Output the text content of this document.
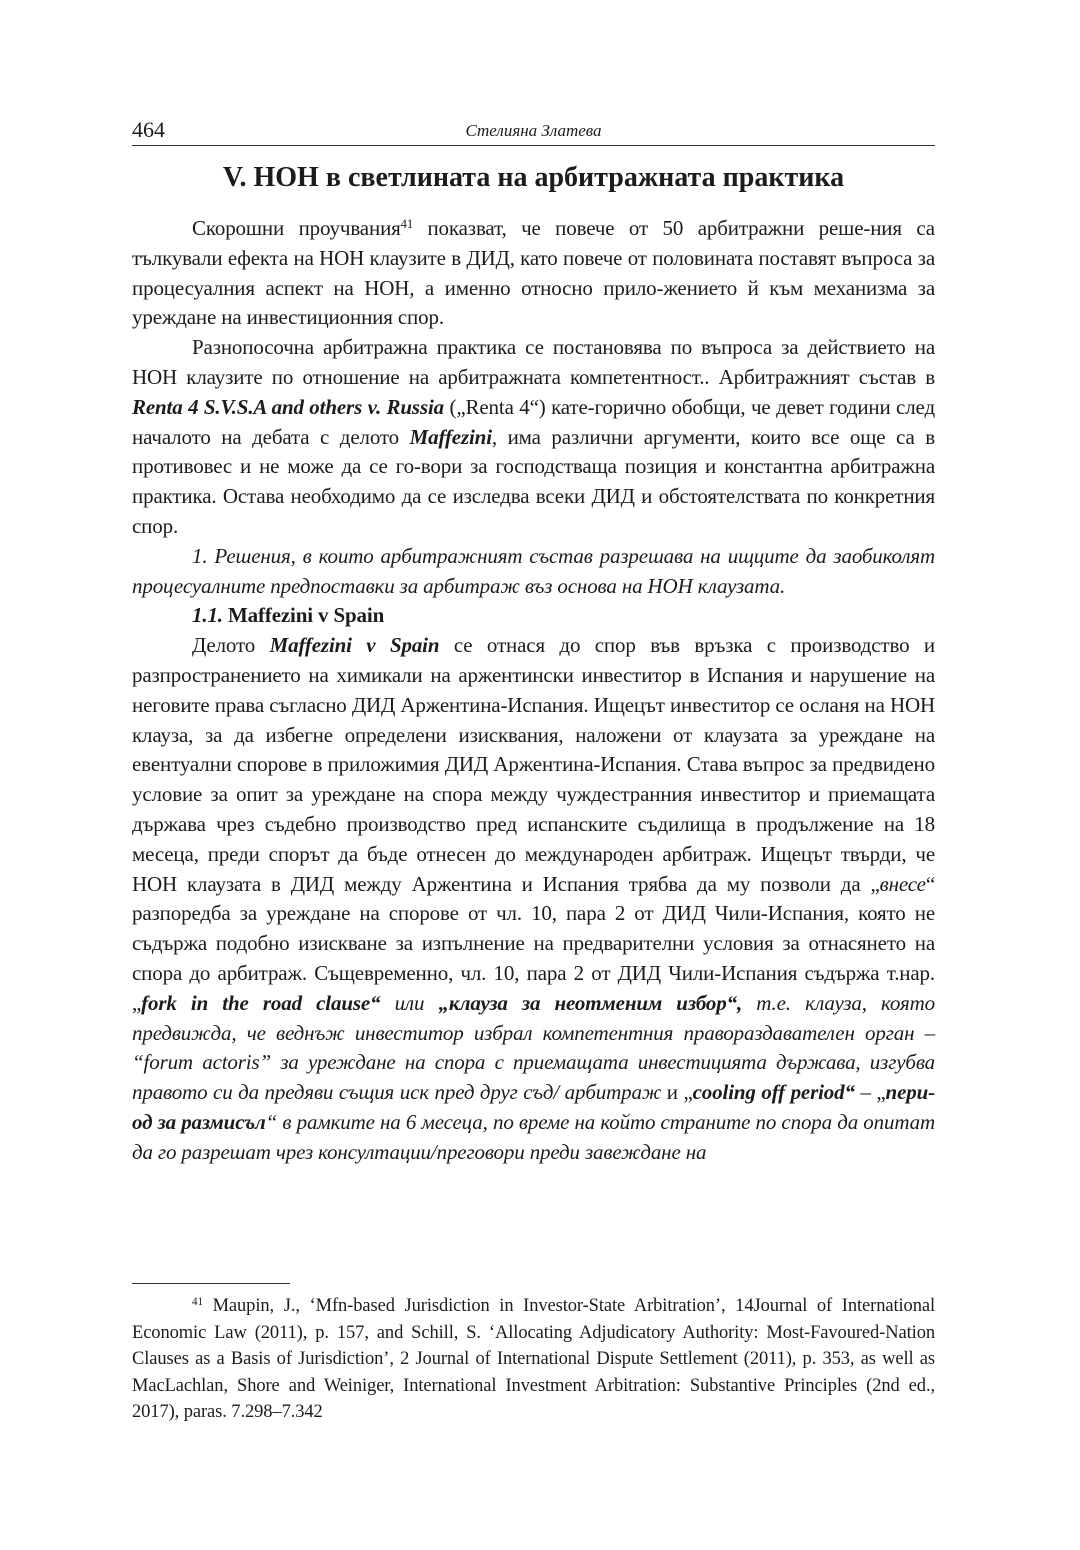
464	Стелияна Златева
V. НОН в светлината на арбитражната практика

Скорошни проучвания$^{41}$ показват, че повече от 50 арбитражни реше-ния са тълкували ефекта на НОН клаузите в ДИД, като повече от половината поставят въпроса за процесуалния аспект на НОН, а именно относно прило-жението й към механизма за уреждане на инвестиционния спор.

Разнопосочна арбитражна практика се постановява по въпроса за действието на НОН клаузите по отношение на арбитражната компетентност.. Арбитражният състав в Renta 4 S.V.S.A and others v. Russia („Renta 4“) кате-горично обобщи, че девет години след началото на дебата с делото Maffezini, има различни аргументи, които все още са в противовес и не може да се го-вори за господстваща позиция и константна арбитражна практика. Остава необходимо да се изследва всеки ДИД и обстоятелствата по конкретния спор.

1. Решения, в които арбитражният състав разрешава на ищците да заобиколят процесуалните предпоставки за арбитраж въз основа на НОН клаузата.

1.1. Maffezini v Spain

Делото Maffezini v Spain се отнася до спор във връзка с производство и разпространението на химикали на аржентински инвеститор в Испания и нарушение на неговите права съгласно ДИД Аржентина-Испания. Ищецът инвеститор се осланя на НОН клауза, за да избегне определени изисквания, наложени от клаузата за уреждане на евентуални спорове в приложимия ДИД Аржентина-Испания. Става въпрос за предвидено условие за опит за уреждане на спора между чуждестранния инвеститор и приемащата държава чрез съдебно производство пред испанските съдилища в продължение на 18 месеца, преди спорът да бъде отнесен до международен арбитраж. Ищецът твърди, че НОН клаузата в ДИД между Аржентина и Испания трябва да му позволи да „внесе“ разпоредба за уреждане на спорове от чл. 10, пара 2 от ДИД Чили-Испания, която не съдържа подобно изискване за изпълнение на предварителни условия за отнасянето на спора до арбитраж. Същевременно, чл. 10, пара 2 от ДИД Чили-Испания съдържа т.нар. „fork in the road clause“ или „клауза за неотменим избор“, т.е. клауза, която предвижда, че веднъж инвеститор избрал компетентния правораздавателен орган – “forum actoris” за уреждане на спора с приемащата инвестицията държава, изгубва правото си да предяви същия иск пред друг съд/ арбитраж и „cooling off period“ – „пери-од за размисъл“ в рамките на 6 месеца, по време на който страните по спора да опитат да го разрешат чрез консултации/преговори преди завеждане на

$^{41}$ Maupin, J., ‘Mfn-based Jurisdiction in Investor-State Arbitration’, 14Journal of International Economic Law (2011), p. 157, and Schill, S. ‘Allocating Adjudicatory Authority: Most-Favoured-Nation Clauses as a Basis of Jurisdiction’, 2 Journal of International Dispute Settlement (2011), p. 353, as well as MacLachlan, Shore and Weiniger, International Investment Arbitration: Substantive Principles (2nd ed., 2017), paras. 7.298–7.342
